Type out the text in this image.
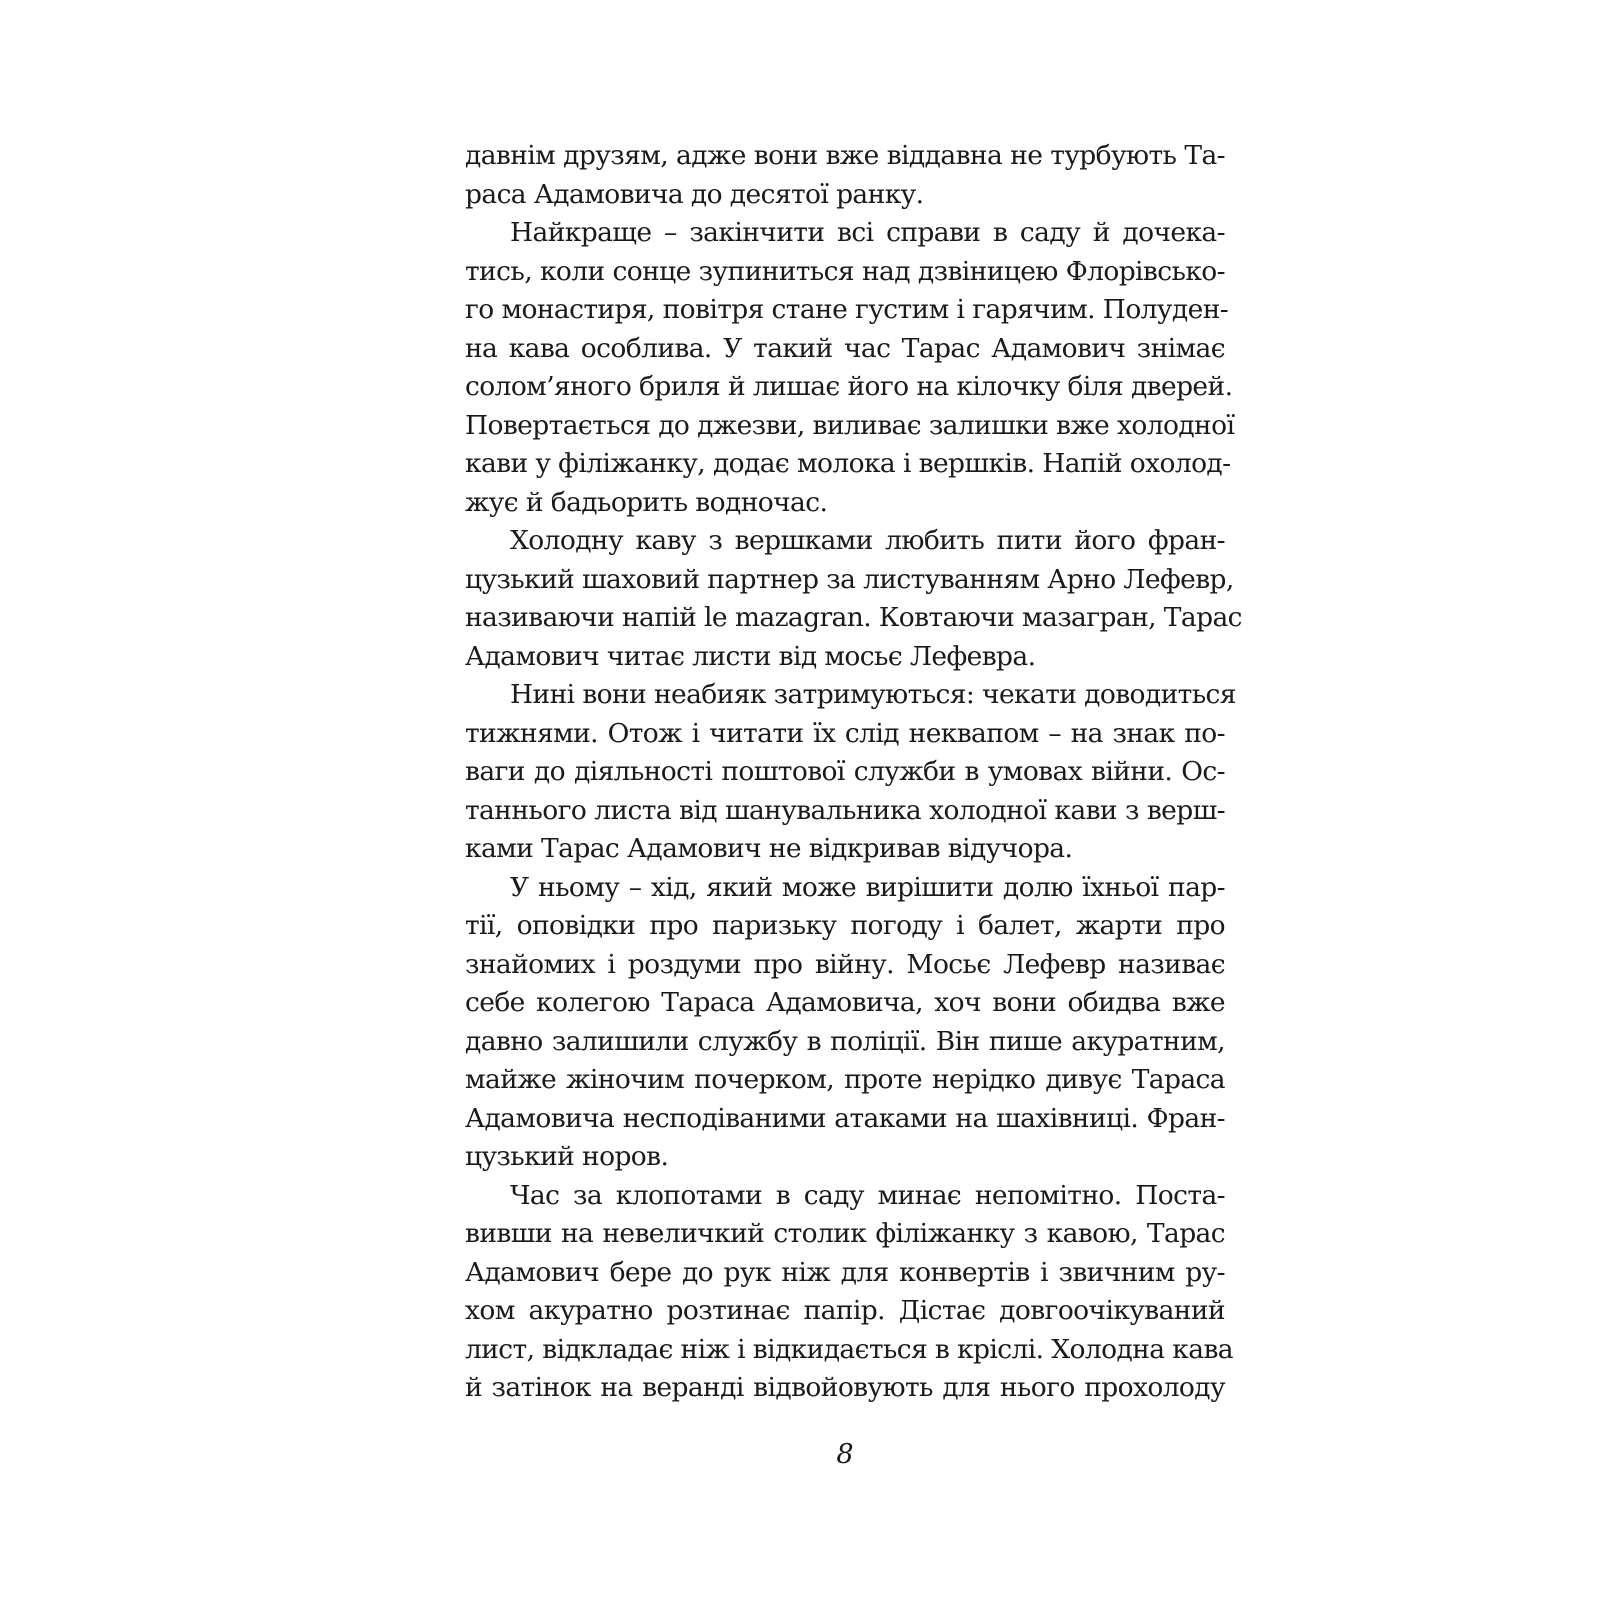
давнім друзям, адже вони вже віддавна не турбують Та-
раса Адамовича до десятої ранку.
Найкраще – закінчити всі справи в саду й дочека-
тись, коли сонце зупиниться над дзвіницею Флорівсько-
го монастиря, повітря стане густим і гарячим. Полуден-
на кава особлива. У такий час Тарас Адамович знімає
солом’яного бриля й лишає його на кілочку біля дверей.
Повертається до джезви, виливає залишки вже холодної
кави у філіжанку, додає молока і вершків. Напій охолод-
жує й бадьорить водночас.
Холодну каву з вершками любить пити його фран-
цузький шаховий партнер за листуванням Арно Лефевр,
називаючи напій le mazagran. Ковтаючи мазагран, Тарас
Адамович читає листи від мосьє Лефевра.
Нині вони неабияк затримуються: чекати доводиться
тижнями. Отож і читати їх слід неквапом – на знак по-
ваги до діяльності поштової служби в умовах війни. Ос-
таннього листа від шанувальника холодної кави з верш-
ками Тарас Адамович не відкривав відучора.
У ньому – хід, який може вирішити долю їхньої пар-
тії, оповідки про паризьку погоду і балет, жарти про
знайомих і роздуми про війну. Мосьє Лефевр називає
себе колегою Тараса Адамовича, хоч вони обидва вже
давно залишили службу в поліції. Він пише акуратним,
майже жіночим почерком, проте нерідко дивує Тараса
Адамовича несподіваними атаками на шахівниці. Фран-
цузький норов.
Час за клопотами в саду минає непомітно. Поста-
вивши на невеличкий столик філіжанку з кавою, Тарас
Адамович бере до рук ніж для конвертів і звичним ру-
хом акуратно розтинає папір. Дістає довгоочікуваний
лист, відкладає ніж і відкидається в кріслі. Холодна кава
й затінок на веранді відвойовують для нього прохолоду
8
